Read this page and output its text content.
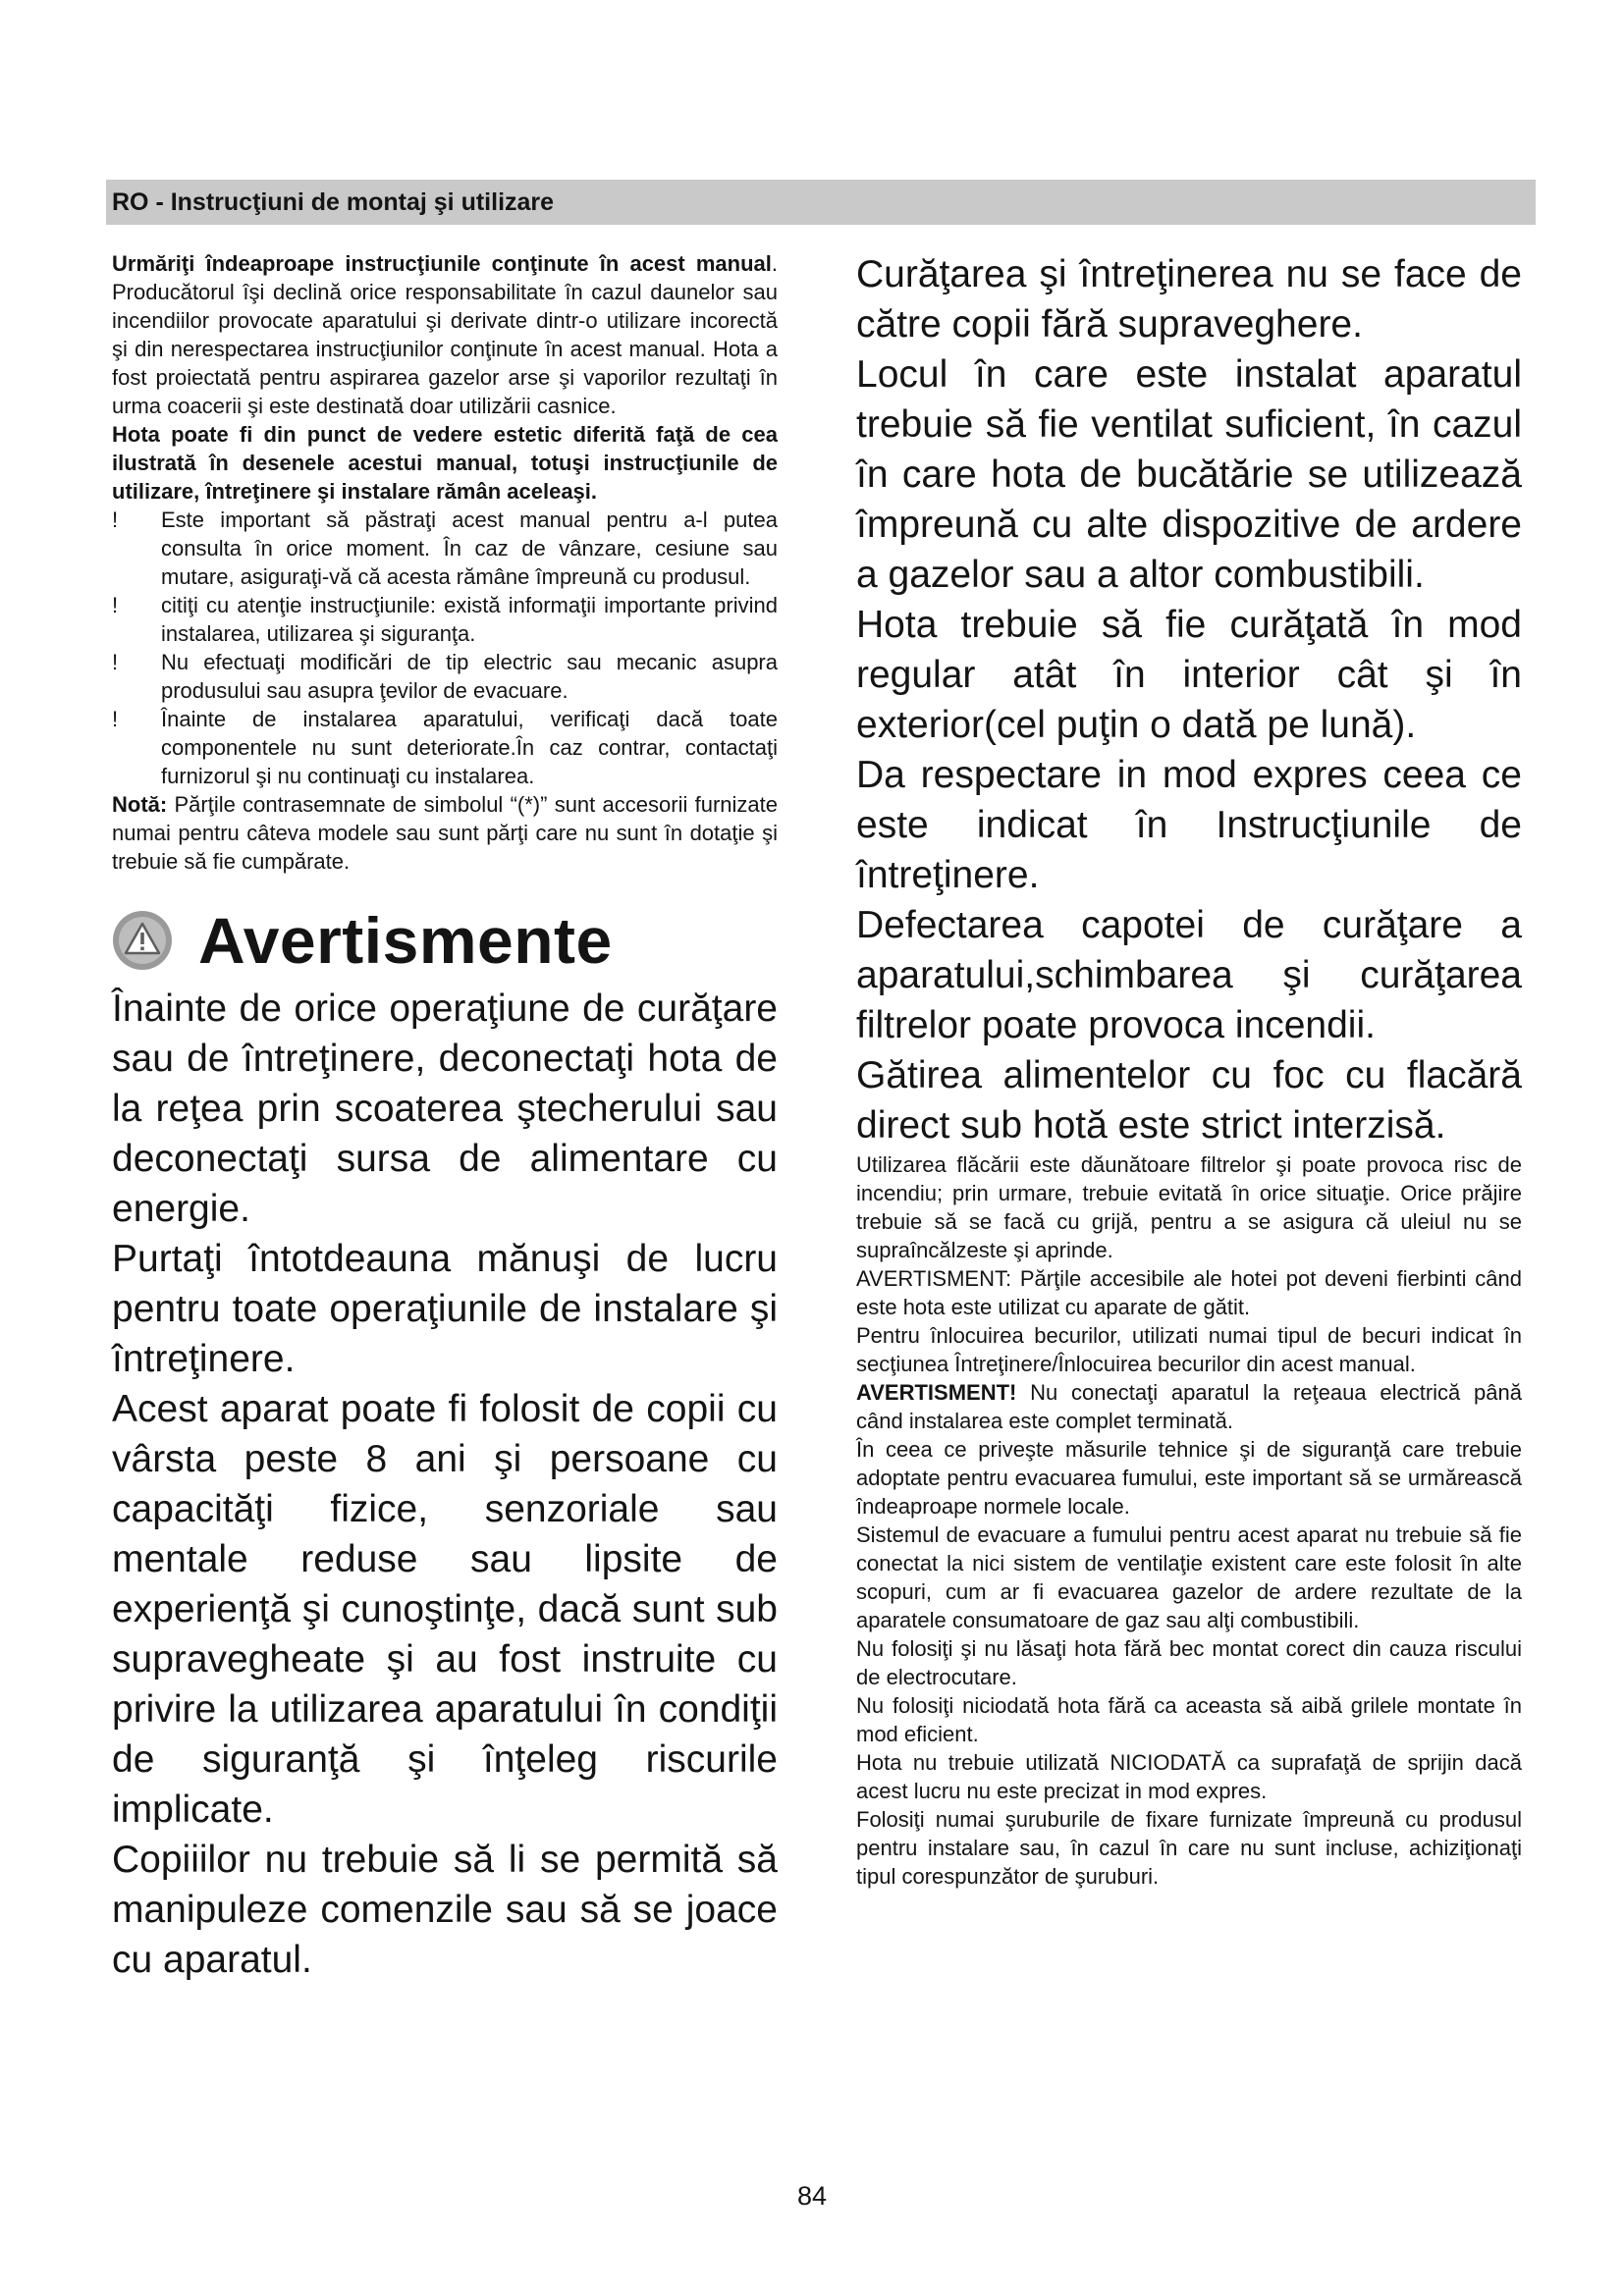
RO - Instrucţiuni de montaj şi utilizare

Urmăriţi îndeaproape instrucţiunile conţinute în acest manual. Producătorul îşi declină orice responsabilitate în cazul daunelor sau incendiilor provocate aparatului şi derivate dintr-o utilizare incorectă şi din nerespectarea instrucţiunilor conţinute în acest manual. Hota a fost proiectată pentru aspirarea gazelor arse şi vaporilor rezultaţi în urma coacerii şi este destinată doar utilizării casnice.

Hota poate fi din punct de vedere estetic diferită faţă de cea ilustrată în desenele acestui manual, totuşi instrucţiunile de utilizare, întreţinere şi instalare rămân aceleaşi.

! Este important să păstraţi acest manual pentru a-l putea consulta în orice moment. În caz de vânzare, cesiune sau mutare, asiguraţi-vă că acesta rămâne împreună cu produsul.
! citiţi cu atenţie instrucţiunile: există informaţii importante privind instalarea, utilizarea şi siguranţa.
! Nu efectuaţi modificări de tip electric sau mecanic asupra produsului sau asupra ţevilor de evacuare.
! Înainte de instalarea aparatului, verificaţi dacă toate componentele nu sunt deteriorate.În caz contrar, contactaţi furnizorul şi nu continuaţi cu instalarea.

Notă: Părţile contrasemnate de simbolul “(*)” sunt accesorii furnizate numai pentru câteva modele sau sunt părţi care nu sunt în dotaţie şi trebuie să fie cumpărate.

Avertismente

Înainte de orice operaţiune de curăţare sau de întreţinere, deconectaţi hota de la reţea prin scoaterea ştecherului sau deconectaţi sursa de alimentare cu energie.

Purtaţi întotdeauna mănuşi de lucru pentru toate operaţiunile de instalare şi întreţinere.

Acest aparat poate fi folosit de copii cu vârsta peste 8 ani şi persoane cu capacităţi fizice, senzoriale sau mentale reduse sau lipsite de experienţă şi cunoştinţe, dacă sunt sub supravegheate şi au fost instruite cu privire la utilizarea aparatului în condiţii de siguranţă şi înţeleg riscurile implicate.

Copiiilor nu trebuie să li se permită să manipuleze comenzile sau să se joace cu aparatul.

Curăţarea şi întreţinerea nu se face de către copii fără supraveghere.

Locul în care este instalat aparatul trebuie să fie ventilat suficient, în cazul în care hota de bucătărie se utilizează împreună cu alte dispozitive de ardere a gazelor sau a altor combustibili.

Hota trebuie să fie curăţată în mod regular atât în interior cât şi în exterior(cel puţin o dată pe lună).

Da respectare in mod expres ceea ce este indicat în Instrucţiunile de întreţinere.

Defectarea capotei de curăţare a aparatului,schimbarea şi curăţarea filtrelor poate provoca incendii.

Gătirea alimentelor cu foc cu flacără direct sub hotă este strict interzisă.

Utilizarea flăcării este dăunătoare filtrelor şi poate provoca risc de incendiu; prin urmare, trebuie evitată în orice situaţie. Orice prăjire trebuie să se facă cu grijă, pentru a se asigura că uleiul nu se supraîncălzeste şi aprinde.

AVERTISMENT: Părţile accesibile ale hotei pot deveni fierbinti când este hota este utilizat cu aparate de gătit.

Pentru înlocuirea becurilor, utilizati numai tipul de becuri indicat în secţiunea Întreţinere/Înlocuirea becurilor din acest manual.

AVERTISMENT! Nu conectaţi aparatul la reţeaua electrică până când instalarea este complet terminată.

În ceea ce priveşte măsurile tehnice şi de siguranţă care trebuie adoptate pentru evacuarea fumului, este important să se urmărească îndeaproape normele locale.

Sistemul de evacuare a fumului pentru acest aparat nu trebuie să fie conectat la nici sistem de ventilaţie existent care este folosit în alte scopuri, cum ar fi evacuarea gazelor de ardere rezultate de la aparatele consumatoare de gaz sau alţi combustibili.

Nu folosiţi şi nu lăsaţi hota fără bec montat corect din cauza riscului de electrocutare.

Nu folosiţi niciodată hota fără ca aceasta să aibă grilele montate în mod eficient.

Hota nu trebuie utilizată NICIODATĂ ca suprafaţă de sprijin dacă acest lucru nu este precizat in mod expres.

Folosiţi numai şuruburile de fixare furnizate împreună cu produsul pentru instalare sau, în cazul în care nu sunt incluse, achiziţionaţi tipul corespunzător de şuruburi.

84
